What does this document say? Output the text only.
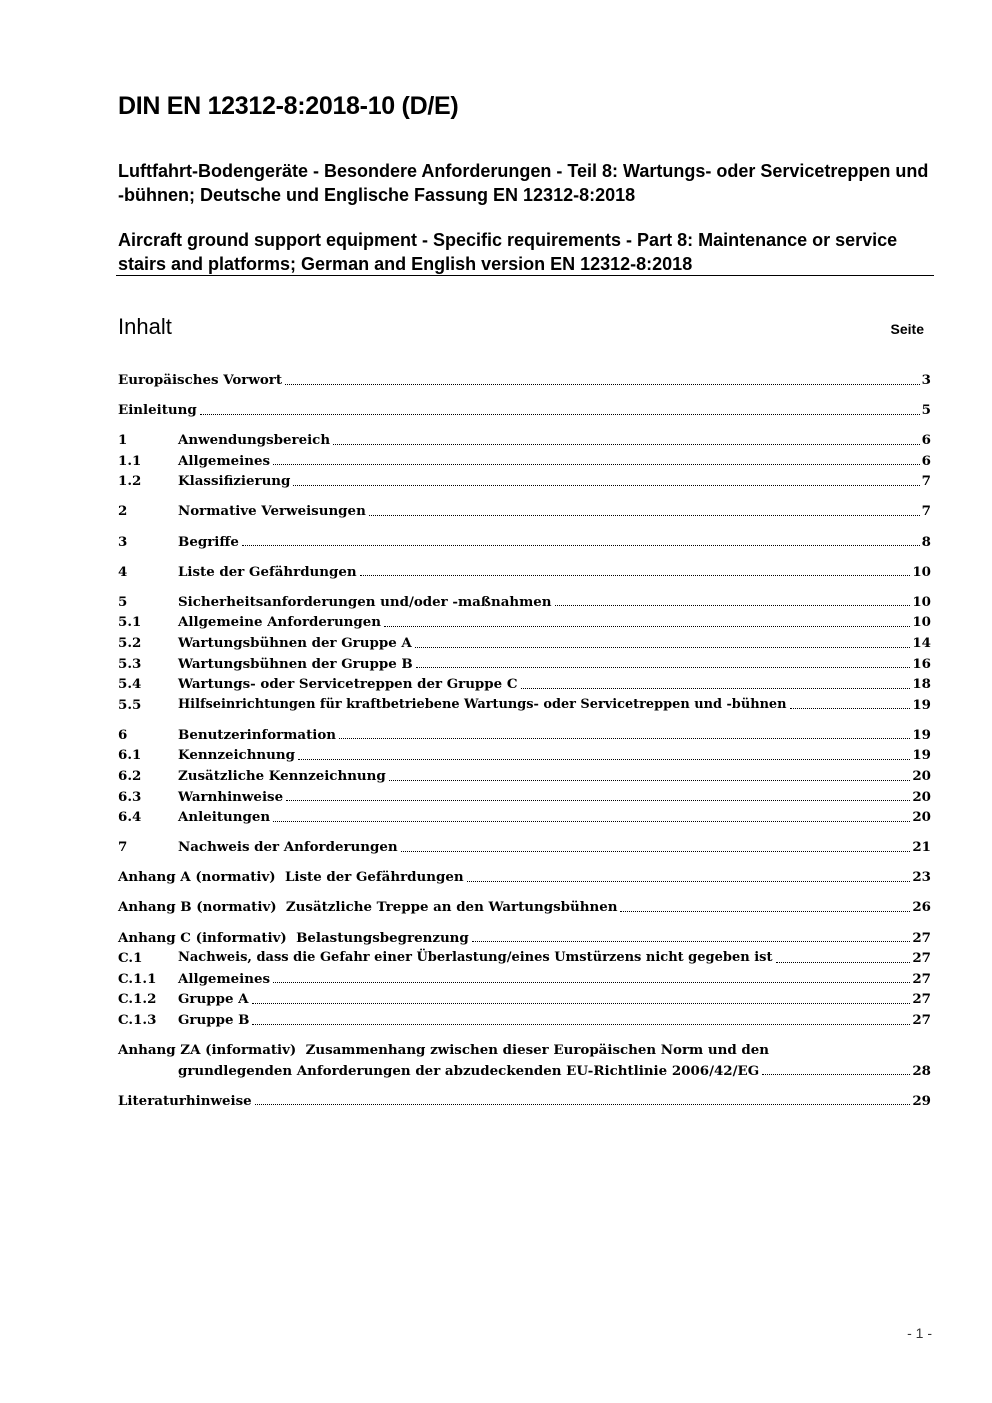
DIN EN 12312-8:2018-10 (D/E)
Luftfahrt-Bodengeräte - Besondere Anforderungen - Teil 8: Wartungs- oder Servicetreppen und -bühnen; Deutsche und Englische Fassung EN 12312-8:2018
Aircraft ground support equipment - Specific requirements - Part 8: Maintenance or service stairs and platforms; German and English version EN 12312-8:2018
Inhalt	Seite
Europäisches Vorwort	3
Einleitung	5
1	Anwendungsbereich	6
1.1	Allgemeines	6
1.2	Klassifizierung	7
2	Normative Verweisungen	7
3	Begriffe	8
4	Liste der Gefährdungen	10
5	Sicherheitsanforderungen und/oder -maßnahmen	10
5.1	Allgemeine Anforderungen	10
5.2	Wartungsbühnen der Gruppe A	14
5.3	Wartungsbühnen der Gruppe B	16
5.4	Wartungs- oder Servicetreppen der Gruppe C	18
5.5	Hilfseinrichtungen für kraftbetriebene Wartungs- oder Servicetreppen und -bühnen	19
6	Benutzerinformation	19
6.1	Kennzeichnung	19
6.2	Zusätzliche Kennzeichnung	20
6.3	Warnhinweise	20
6.4	Anleitungen	20
7	Nachweis der Anforderungen	21
Anhang A (normativ)  Liste der Gefährdungen	23
Anhang B (normativ)  Zusätzliche Treppe an den Wartungsbühnen	26
Anhang C (informativ)  Belastungsbegrenzung	27
C.1	Nachweis, dass die Gefahr einer Überlastung/eines Umstürzens nicht gegeben ist	27
C.1.1	Allgemeines	27
C.1.2	Gruppe A	27
C.1.3	Gruppe B	27
Anhang ZA (informativ)  Zusammenhang zwischen dieser Europäischen Norm und den
grundlegenden Anforderungen der abzudeckenden EU-Richtlinie 2006/42/EG	28
Literaturhinweise	29
- 1 -
